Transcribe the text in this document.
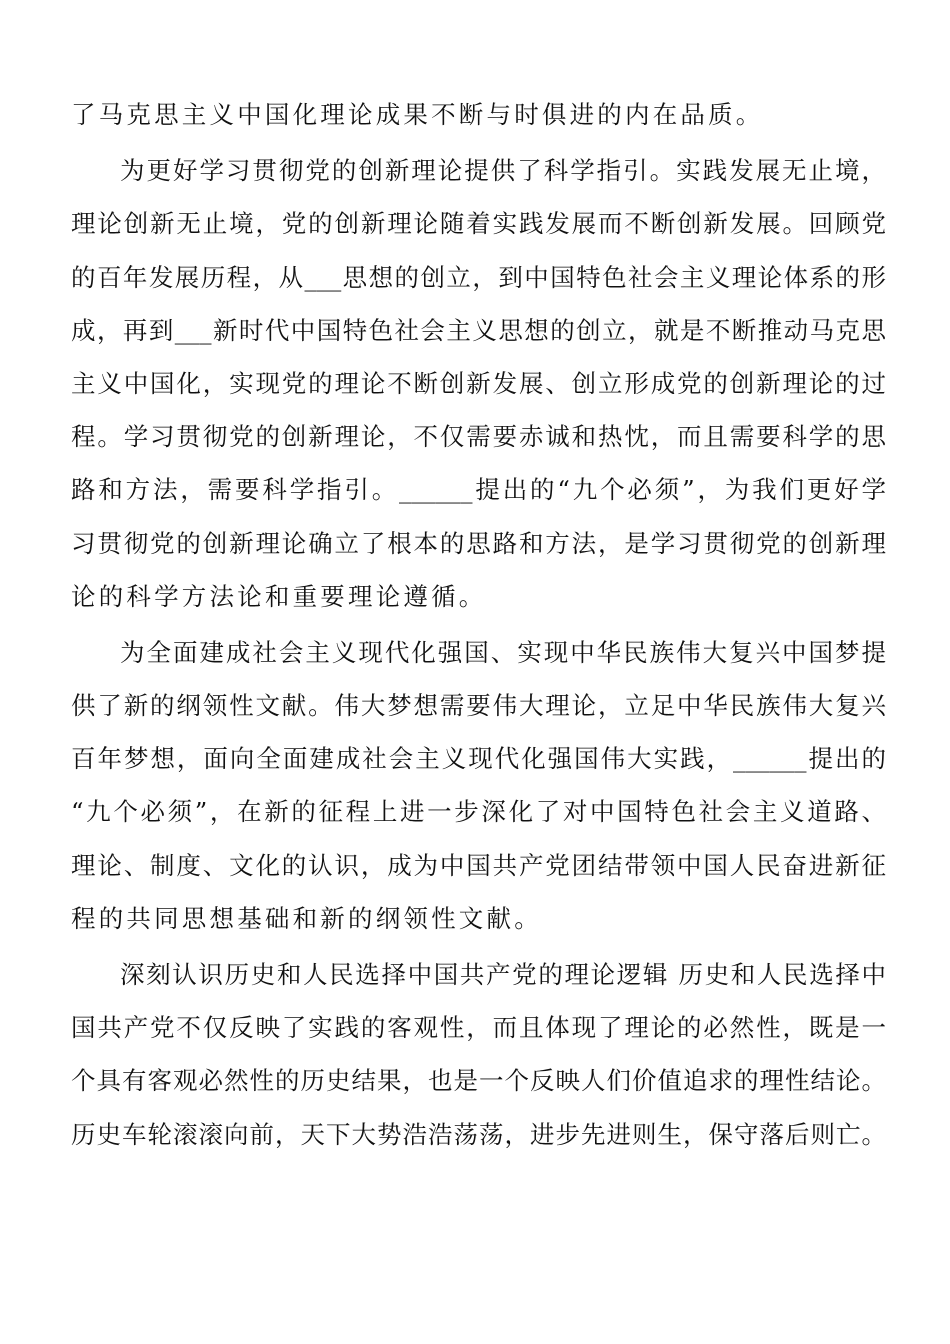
了马克思主义中国化理论成果不断与时俱进的内在品质。
为更好学习贯彻党的创新理论提供了科学指引。实践发展无止境，
理论创新无止境，党的创新理论随着实践发展而不断创新发展。回顾党
的百年发展历程，从___思想的创立，到中国特色社会主义理论体系的形
成，再到___新时代中国特色社会主义思想的创立，就是不断推动马克思
主义中国化，实现党的理论不断创新发展、创立形成党的创新理论的过
程。学习贯彻党的创新理论，不仅需要赤诚和热忱，而且需要科学的思
路和方法，需要科学指引。______提出的“九个必须”，为我们更好学
习贯彻党的创新理论确立了根本的思路和方法，是学习贯彻党的创新理
论的科学方法论和重要理论遵循。
为全面建成社会主义现代化强国、实现中华民族伟大复兴中国梦提
供了新的纲领性文献。伟大梦想需要伟大理论，立足中华民族伟大复兴
百年梦想，面向全面建成社会主义现代化强国伟大实践，______提出的
“九个必须”，在新的征程上进一步深化了对中国特色社会主义道路、
理论、制度、文化的认识，成为中国共产党团结带领中国人民奋进新征
程的共同思想基础和新的纲领性文献。
深刻认识历史和人民选择中国共产党的理论逻辑 历史和人民选择中
国共产党不仅反映了实践的客观性，而且体现了理论的必然性，既是一
个具有客观必然性的历史结果，也是一个反映人们价值追求的理性结论。
历史车轮滚滚向前，天下大势浩浩荡荡，进步先进则生，保守落后则亡。
